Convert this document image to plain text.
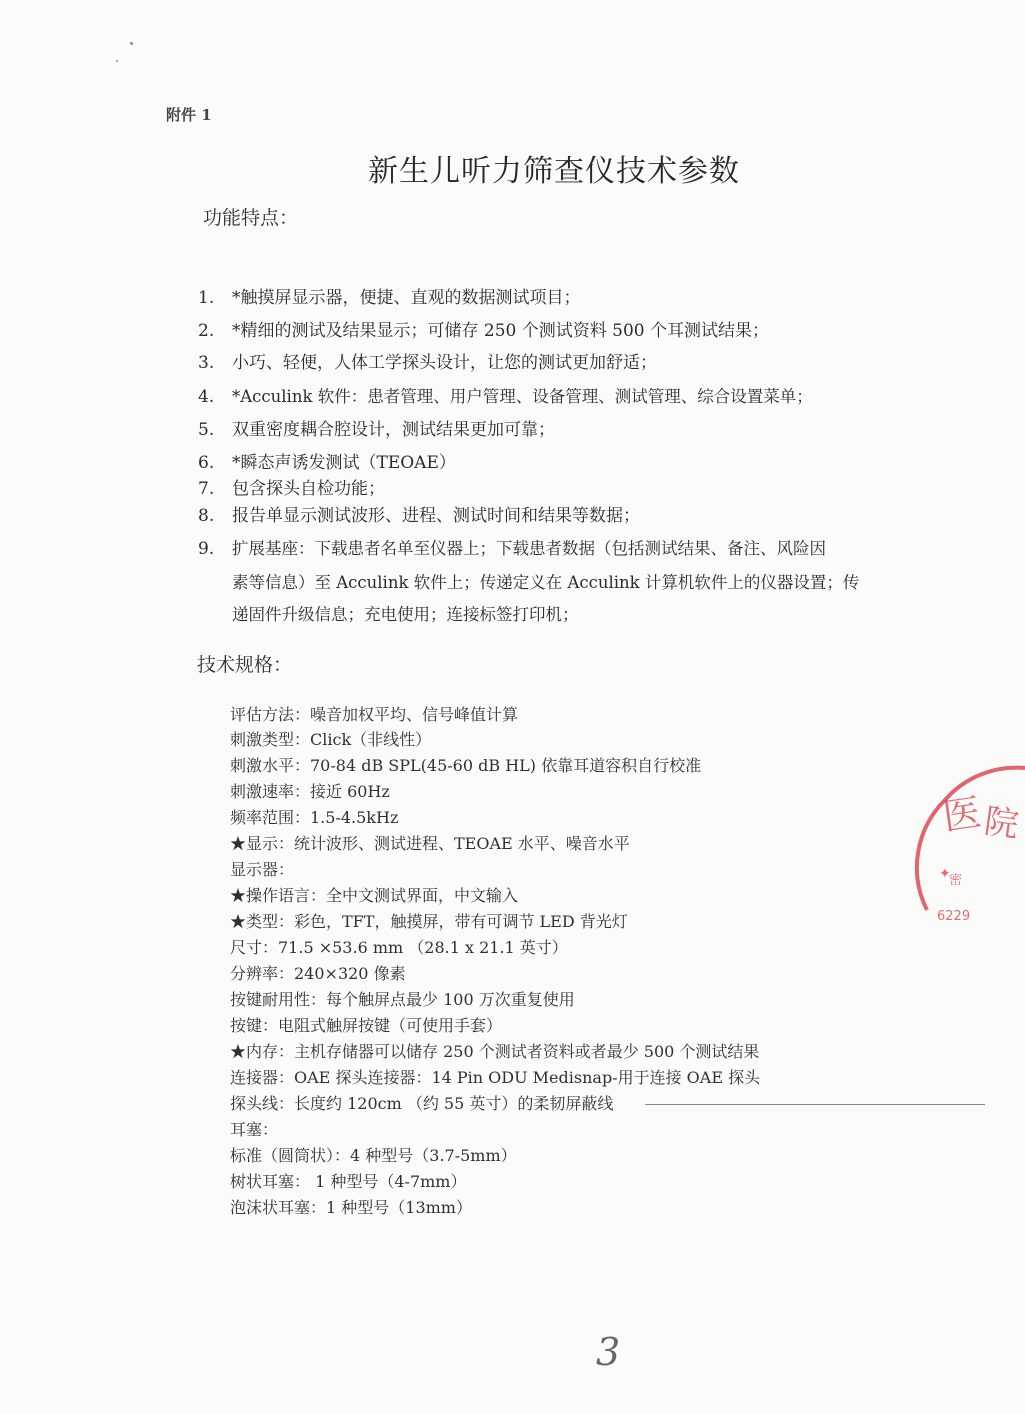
附件 1
新生儿听力筛查仪技术参数
功能特点：
1. *触摸屏显示器，便捷、直观的数据测试项目；
2. *精细的测试及结果显示；可储存 250 个测试资料 500 个耳测试结果；
3. 小巧、轻便，人体工学探头设计，让您的测试更加舒适；
4. *Acculink 软件：患者管理、用户管理、设备管理、测试管理、综合设置菜单；
5. 双重密度耦合腔设计，测试结果更加可靠；
6. *瞬态声诱发测试（TEOAE）
7. 包含探头自检功能；
8. 报告单显示测试波形、进程、测试时间和结果等数据；
9. 扩展基座：下载患者名单至仪器上；下载患者数据（包括测试结果、备注、风险因
素等信息）至 Acculink 软件上；传递定义在 Acculink 计算机软件上的仪器设置；传
递固件升级信息；充电使用；连接标签打印机；
技术规格：
评估方法：噪音加权平均、信号峰值计算
刺激类型：Click（非线性）
刺激水平：70-84 dB SPL(45-60 dB HL) 依靠耳道容积自行校准
刺激速率：接近 60Hz
频率范围：1.5-4.5kHz
★显示：统计波形、测试进程、TEOAE 水平、噪音水平
显示器：
★操作语言：全中文测试界面，中文输入
★类型：彩色，TFT，触摸屏，带有可调节 LED 背光灯
尺寸：71.5 ×53.6 mm （28.1 x 21.1 英寸）
分辨率：240×320 像素
按键耐用性：每个触屏点最少 100 万次重复使用
按键：电阻式触屏按键（可使用手套）
★内存：主机存储器可以储存 250 个测试者资料或者最少 500 个测试结果
连接器：OAE 探头连接器：14 Pin ODU Medisnap-用于连接 OAE 探头
探头线：长度约 120cm （约 55 英寸）的柔韧屏蔽线
耳塞：
标准（圆筒状）：4 种型号（3.7-5mm）
树状耳塞： 1 种型号（4-7mm）
泡沫状耳塞：1 种型号（13mm）
医
院
✦
密
6229
3
